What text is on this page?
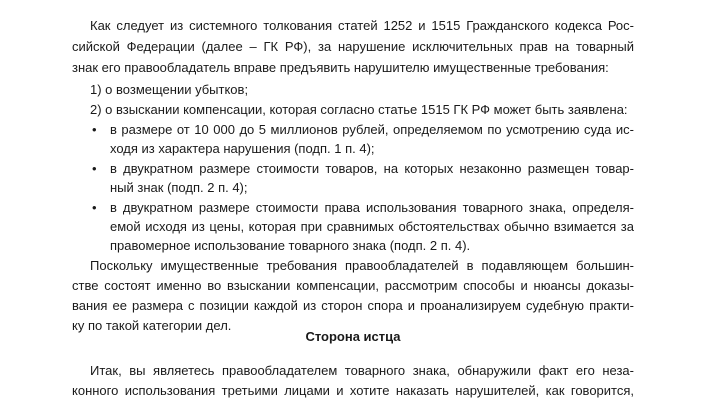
Как следует из системного толкования статей 1252 и 1515 Гражданского кодекса Рос-
сийской Федерации (далее – ГК РФ), за нарушение исключительных прав на товарный
знак его правообладатель вправе предъявить нарушителю имущественные требования:
1) о возмещении убытков;
2) о взыскании компенсации, которая согласно статье 1515 ГК РФ может быть заявлена:
• в размере от 10 000 до 5 миллионов рублей, определяемом по усмотрению суда ис-
ходя из характера нарушения (подп. 1 п. 4);
• в двукратном размере стоимости товаров, на которых незаконно размещен товар-
ный знак (подп. 2 п. 4);
• в двукратном размере стоимости права использования товарного знака, определя-
емой исходя из цены, которая при сравнимых обстоятельствах обычно взимается за
правомерное использование товарного знака (подп. 2 п. 4).
Поскольку имущественные требования правообладателей в подавляющем большин-
стве состоят именно во взыскании компенсации, рассмотрим способы и нюансы доказы-
вания ее размера с позиции каждой из сторон спора и проанализируем судебную практи-
ку по такой категории дел.
Сторона истца
Итак, вы являетесь правообладателем товарного знака, обнаружили факт его неза-
конного использования третьими лицами и хотите наказать нарушителей, как говорится,
